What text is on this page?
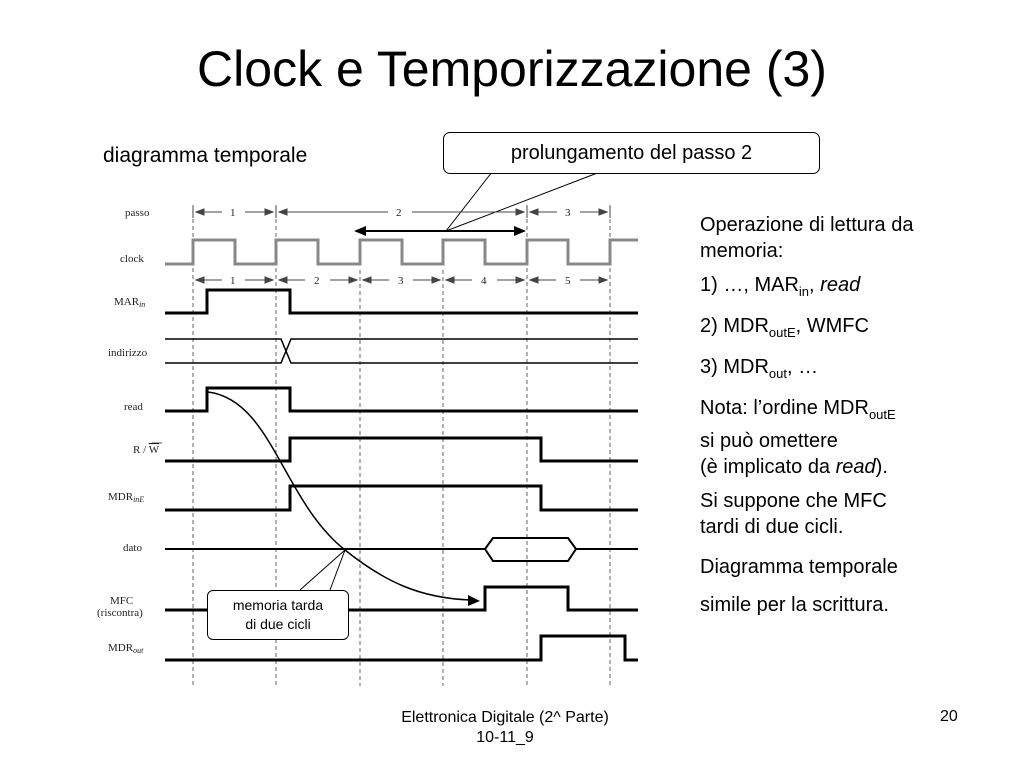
Clock e Temporizzazione (3)
diagramma temporale
passo
clock
MARin
indirizzo
read
R / W
MDRinE
dato
MFC
(riscontra)
MDRout
1	2	3
1	2	3	4	5
prolungamento del passo 2
memoria tarda
di due cicli

Operazione di lettura da memoria:

1) …, $MAR_{in}$, read

2) $MDR_{outE}$, WMFC

3) $MDR_{out}$, …

Nota: l’ordine $MDR_{outE}$
si può omettere
(è implicato da read).

Si suppone che MFC
tardi di due cicli.

Diagramma temporale
simile per la scrittura.

Elettronica Digitale (2^ Parte)
10-11_9
20
